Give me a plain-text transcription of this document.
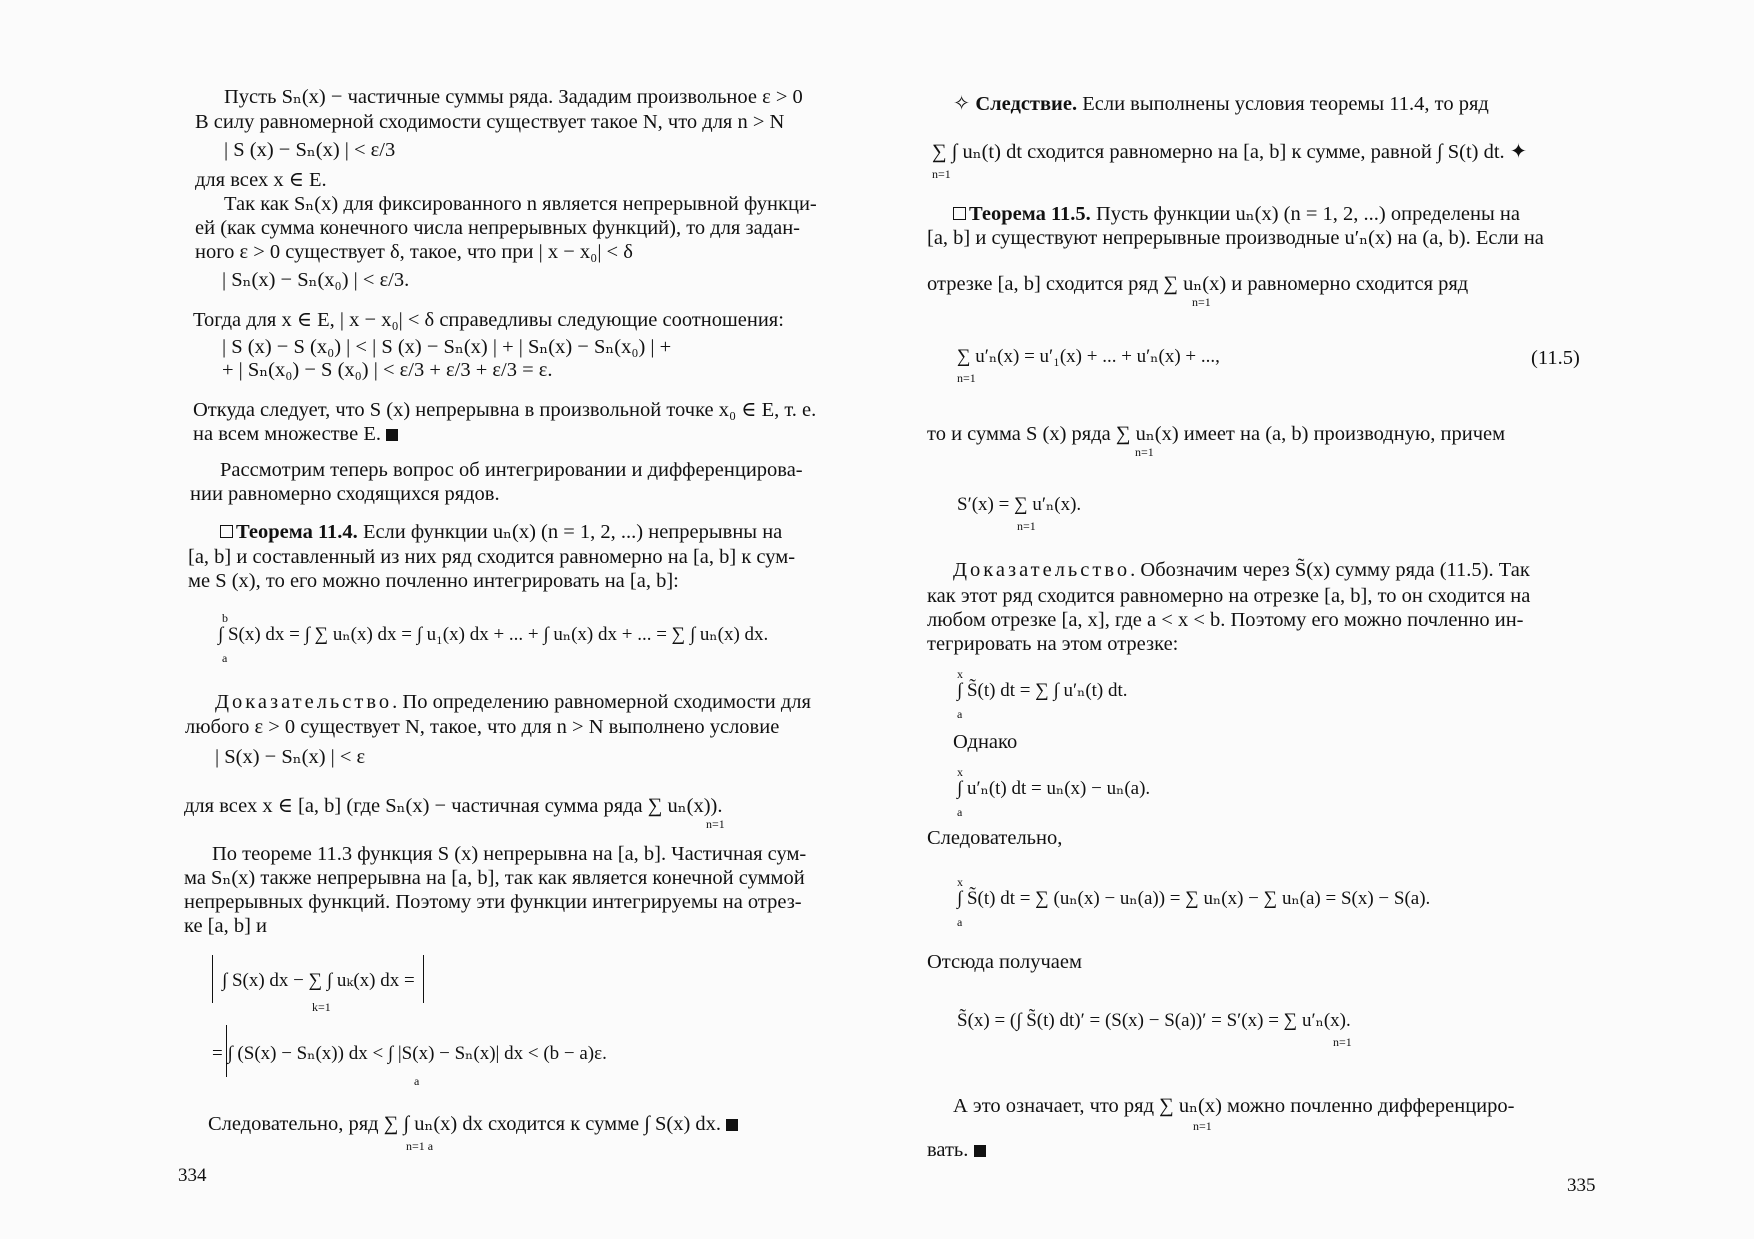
Пусть Sₙ(x) − частичные суммы ряда. Зададим произвольное ε > 0
В силу равномерной сходимости существует такое N, что для n > N
| S (x) − Sₙ(x) | < ε/3
для всех x ∈ E.
Так как Sₙ(x) для фиксированного n является непрерывной функци-
ей (как сумма конечного числа непрерывных функций), то для задан-
ного ε > 0 существует δ, такое, что при | x − x₀| < δ
| Sₙ(x) − Sₙ(x₀) | < ε/3.
Тогда для x ∈ E, | x − x₀| < δ справедливы следующие соотношения:
| S (x) − S (x₀) | < | S (x) − Sₙ(x) | + | Sₙ(x) − Sₙ(x₀) | +
+ | Sₙ(x₀) − S (x₀) | < ε/3 + ε/3 + ε/3 = ε.
Откуда следует, что S (x) непрерывна в произвольной точке x₀ ∈ E, т. е.
на всем множестве E.
Рассмотрим теперь вопрос об интегрировании и дифференцирова-
нии равномерно сходящихся рядов.
Теорема 11.4. Если функции uₙ(x) (n = 1, 2, ...) непрерывны на
[a, b] и составленный из них ряд сходится равномерно на [a, b] к сум-
ме S (x), то его можно почленно интегрировать на [a, b]:
∫ S(x) dx = ∫ ∑ uₙ(x) dx = ∫ u₁(x) dx + ... + ∫ uₙ(x) dx + ... = ∑ ∫ uₙ(x) dx.
b
a
Доказательство. По определению равномерной сходимости для
любого ε > 0 существует N, такое, что для n > N выполнено условие
| S(x) − Sₙ(x) | < ε
для всех x ∈ [a, b] (где Sₙ(x) − частичная сумма ряда ∑ uₙ(x)).
n=1
По теореме 11.3 функция S (x) непрерывна на [a, b]. Частичная сум-
ма Sₙ(x) также непрерывна на [a, b], так как является конечной суммой
непрерывных функций. Поэтому эти функции интегрируемы на отрез-
ке [a, b] и
∫ S(x) dx − ∑ ∫ uₖ(x) dx =
k=1
= ∫ (S(x) − Sₙ(x)) dx < ∫ |S(x) − Sₙ(x)| dx < (b − a)ε.
a
Следовательно, ряд ∑ ∫ uₙ(x) dx сходится к сумме ∫ S(x) dx.
n=1 a
334
✧ Следствие. Если выполнены условия теоремы 11.4, то ряд
∑ ∫ uₙ(t) dt сходится равномерно на [a, b] к сумме, равной ∫ S(t) dt. ✦
n=1
Теорема 11.5. Пусть функции uₙ(x) (n = 1, 2, ...) определены на
[a, b] и существуют непрерывные производные u′ₙ(x) на (a, b). Если на
отрезке [a, b] сходится ряд ∑ uₙ(x) и равномерно сходится ряд
n=1
∑ u′ₙ(x) = u′₁(x) + ... + u′ₙ(x) + ...,
n=1
(11.5)
то и сумма S (x) ряда ∑ uₙ(x) имеет на (a, b) производную, причем
n=1
S′(x) = ∑ u′ₙ(x).
n=1
Доказательство. Обозначим через S̃(x) сумму ряда (11.5). Так
как этот ряд сходится равномерно на отрезке [a, b], то он сходится на
любом отрезке [a, x], где a < x < b. Поэтому его можно почленно ин-
тегрировать на этом отрезке:
∫ S̃(t) dt = ∑ ∫ u′ₙ(t) dt.
x
a
Однако
∫ u′ₙ(t) dt = uₙ(x) − uₙ(a).
x
a
Следовательно,
∫ S̃(t) dt = ∑ (uₙ(x) − uₙ(a)) = ∑ uₙ(x) − ∑ uₙ(a) = S(x) − S(a).
x
a
Отсюда получаем
S̃(x) = (∫ S̃(t) dt)′ = (S(x) − S(a))′ = S′(x) = ∑ u′ₙ(x).
n=1
А это означает, что ряд ∑ uₙ(x) можно почленно дифференциро-
n=1
вать.
335
